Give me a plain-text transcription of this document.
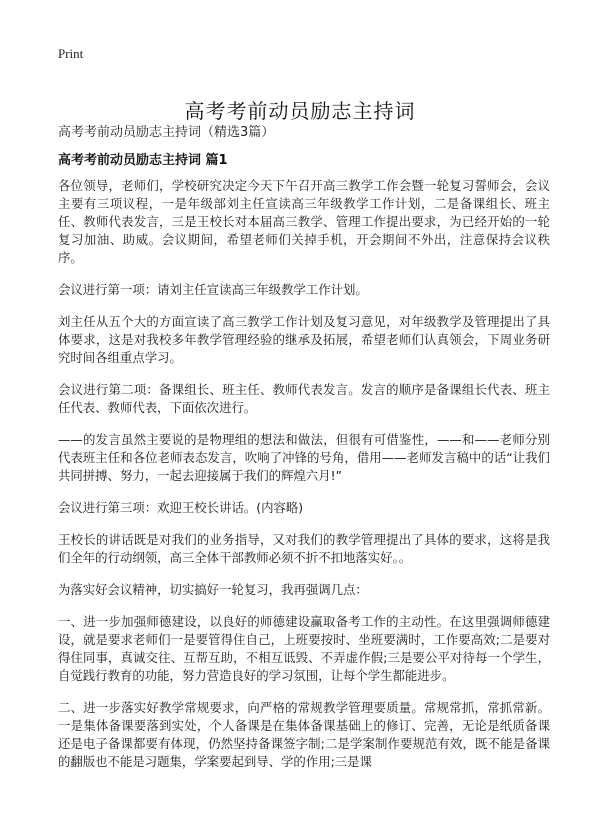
Print
高考考前动员励志主持词
高考考前动员励志主持词（精选3篇）
高考考前动员励志主持词 篇1

各位领导，老师们，学校研究决定今天下午召开高三教学工作会暨一轮复习誓师会，会议主要有三项议程，一是年级部刘主任宣读高三年级教学工作计划，二是备课组长、班主任、教师代表发言，三是王校长对本届高三教学、管理工作提出要求，为已经开始的一轮复习加油、助威。会议期间，希望老师们关掉手机，开会期间不外出，注意保持会议秩序。

会议进行第一项：请刘主任宣读高三年级教学工作计划。

刘主任从五个大的方面宣读了高三教学工作计划及复习意见，对年级教学及管理提出了具体要求，这是对我校多年教学管理经验的继承及拓展，希望老师们认真领会，下周业务研究时间各组重点学习。

会议进行第二项：备课组长、班主任、教师代表发言。发言的顺序是备课组长代表、班主任代表、教师代表，下面依次进行。

——的发言虽然主要说的是物理组的想法和做法，但很有可借鉴性，——和——老师分别代表班主任和各位老师表态发言，吹响了冲锋的号角，借用——老师发言稿中的话“让我们共同拼搏、努力，一起去迎接属于我们的辉煌六月!”

会议进行第三项：欢迎王校长讲话。(内容略)

王校长的讲话既是对我们的业务指导，又对我们的教学管理提出了具体的要求，这将是我们全年的行动纲领，高三全体干部教师必须不折不扣地落实好。。

为落实好会议精神，切实搞好一轮复习，我再强调几点：

一、进一步加强师德建设，以良好的师德建设赢取备考工作的主动性。在这里强调师德建设，就是要求老师们一是要管得住自己，上班要按时、坐班要满时，工作要高效;二是要对得住同事，真诚交往、互帮互助，不相互诋毁、不弄虚作假;三是要公平对待每一个学生，自觉践行教育的功能，努力营造良好的学习氛围，让每个学生都能进步。

二、进一步落实好教学常规要求，向严格的常规教学管理要质量。常规常抓，常抓常新。一是集体备课要落到实处，个人备课是在集体备课基础上的修订、完善，无论是纸质备课还是电子备课都要有体现，仍然坚持备课签字制;二是学案制作要规范有效，既不能是备课的翻版也不能是习题集，学案要起到导、学的作用;三是课
